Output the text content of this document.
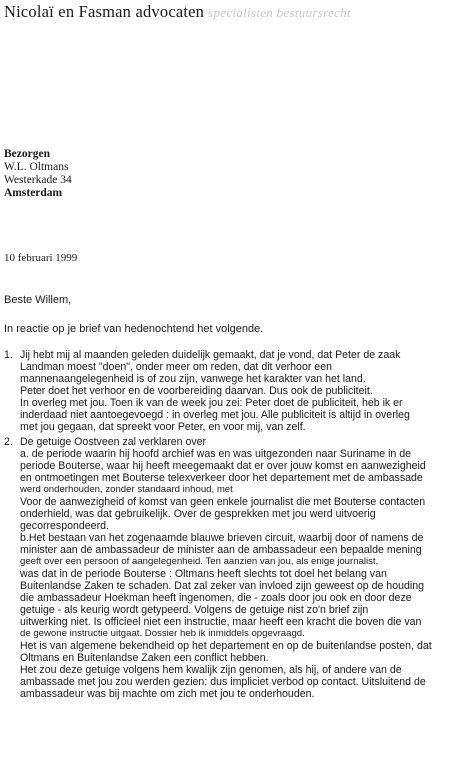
Nicolaï en Fasman advocaten specialisten bestuursrecht
Bezorgen
W.L. Oltmans
Westerkade 34
Amsterdam
10 februari 1999
Beste Willem,
In reactie op je brief van hedenochtend het volgende.
1. Jij hebt mij al maanden geleden duidelijk gemaakt, dat je vond, dat Peter de zaak
Landman moest "doen", onder meer om reden, dat dit verhoor een
mannenaangelegenheid is of zou zijn, vanwege het karakter van het land.
Peter doet het verhoor en de voorbereiding daarvan. Dus ook de publiciteit.
In overleg met jou. Toen ik van de week jou zei: Peter doet de publiciteit, heb ik er
inderdaad niet aantoegevoegd : in overleg met jou. Alle publiciteit is altijd in overleg
met jou gegaan, dat spreekt voor Peter, en voor mij, van zelf.
2. De getuige Oostveen zal verklaren over
a. de periode waarin hij hoofd archief was en was uitgezonden naar Suriname in de
periode Bouterse, waar hij heeft meegemaakt dat er over jouw komst en aanwezigheid
en ontmoetingen met Bouterse telexverkeer door het departement met de ambassade
werd onderhouden, zonder standaard inhoud, met
Voor de aanwezigheid of komst van geen enkele journalist die met Bouterse contacten
onderhield, was dat gebruikelijk. Over de gesprekken met jou werd uitvoerig
gecorrespondeerd.
b.Het bestaan van het zogenaamde blauwe brieven circuit, waarbij door of namens de
minister aan de ambassadeur de minister aan de ambassadeur een bepaalde mening
geeft over een persoon of aangelegenheid. Ten aanzien van jou, als enige journalist,
was dat in de periode Bouterse : Oltmans heeft slechts tot doel het belang van
Buitenlandse Zaken te schaden. Dat zal zeker van invloed zijn geweest op de houding
die ambassadeur Hoekman heeft ingenomen, die - zoals door jou ook en door deze
getuige - als keurig wordt getypeerd. Volgens de getuige nist zo'n brief zijn
uitwerking niet. Is officieel niet een instructie, maar heeft een kracht die boven die van
de gewone instructie uitgaat. Dossier heb ik inmiddels opgevraagd.
Het is van algemene bekendheid op het departement en op de buitenlandse posten, dat
Oltmans en Buitenlandse Zaken een conflict hebben.
Het zou deze getuige volgens hem kwalijk zijn genomen, als hij, of andere van de
ambassade met jou zou werden gezien: dus impliciet verbod op contact. Uitsluitend de
ambassadeur was bij machte om zich met jou te onderhouden.
